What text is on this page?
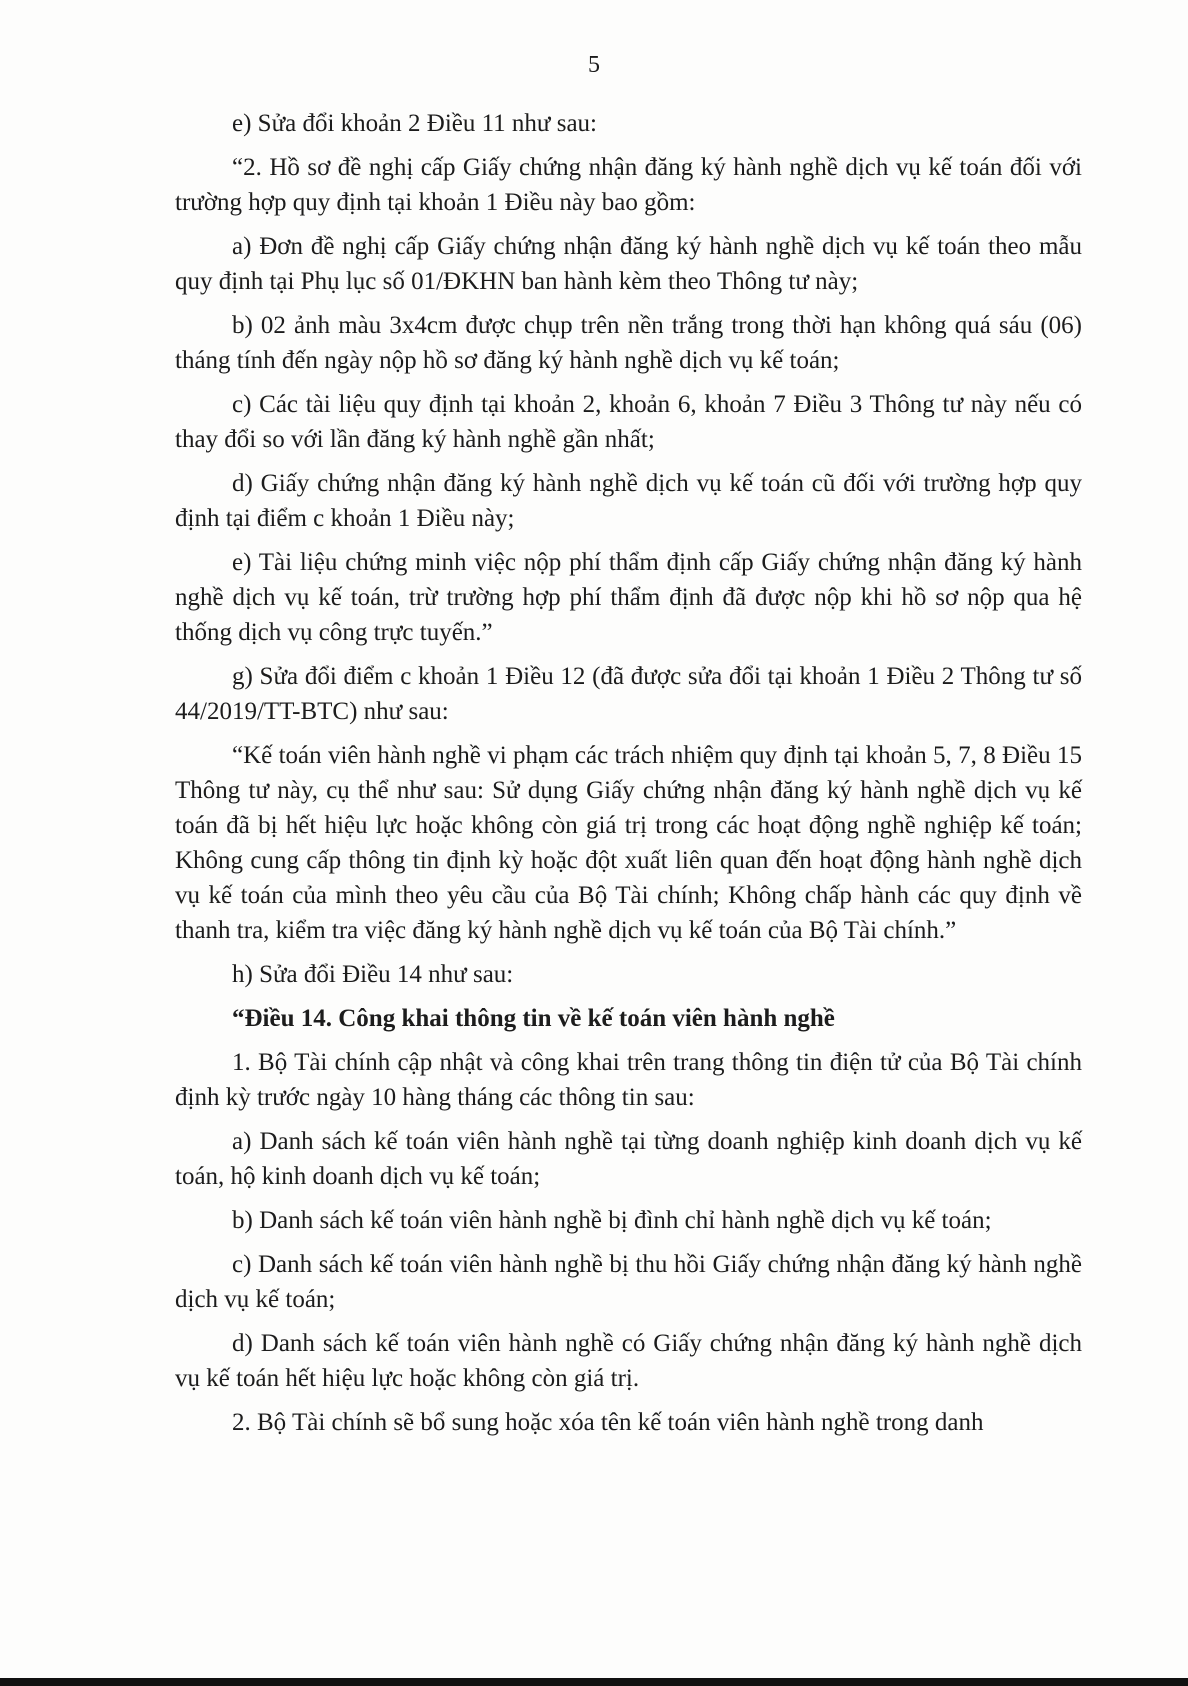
5

e) Sửa đổi khoản 2 Điều 11 như sau:

“2. Hồ sơ đề nghị cấp Giấy chứng nhận đăng ký hành nghề dịch vụ kế toán đối với trường hợp quy định tại khoản 1 Điều này bao gồm:

a) Đơn đề nghị cấp Giấy chứng nhận đăng ký hành nghề dịch vụ kế toán theo mẫu quy định tại Phụ lục số 01/ĐKHN ban hành kèm theo Thông tư này;

b) 02 ảnh màu 3x4cm được chụp trên nền trắng trong thời hạn không quá sáu (06) tháng tính đến ngày nộp hồ sơ đăng ký hành nghề dịch vụ kế toán;

c) Các tài liệu quy định tại khoản 2, khoản 6, khoản 7 Điều 3 Thông tư này nếu có thay đổi so với lần đăng ký hành nghề gần nhất;

d) Giấy chứng nhận đăng ký hành nghề dịch vụ kế toán cũ đối với trường hợp quy định tại điểm c khoản 1 Điều này;

e) Tài liệu chứng minh việc nộp phí thẩm định cấp Giấy chứng nhận đăng ký hành nghề dịch vụ kế toán, trừ trường hợp phí thẩm định đã được nộp khi hồ sơ nộp qua hệ thống dịch vụ công trực tuyến.”

g) Sửa đổi điểm c khoản 1 Điều 12 (đã được sửa đổi tại khoản 1 Điều 2 Thông tư số 44/2019/TT-BTC) như sau:

“Kế toán viên hành nghề vi phạm các trách nhiệm quy định tại khoản 5, 7, 8 Điều 15 Thông tư này, cụ thể như sau: Sử dụng Giấy chứng nhận đăng ký hành nghề dịch vụ kế toán đã bị hết hiệu lực hoặc không còn giá trị trong các hoạt động nghề nghiệp kế toán; Không cung cấp thông tin định kỳ hoặc đột xuất liên quan đến hoạt động hành nghề dịch vụ kế toán của mình theo yêu cầu của Bộ Tài chính; Không chấp hành các quy định về thanh tra, kiểm tra việc đăng ký hành nghề dịch vụ kế toán của Bộ Tài chính.”

h) Sửa đổi Điều 14 như sau:

“Điều 14. Công khai thông tin về kế toán viên hành nghề

1. Bộ Tài chính cập nhật và công khai trên trang thông tin điện tử của Bộ Tài chính định kỳ trước ngày 10 hàng tháng các thông tin sau:

a) Danh sách kế toán viên hành nghề tại từng doanh nghiệp kinh doanh dịch vụ kế toán, hộ kinh doanh dịch vụ kế toán;

b) Danh sách kế toán viên hành nghề bị đình chỉ hành nghề dịch vụ kế toán;

c) Danh sách kế toán viên hành nghề bị thu hồi Giấy chứng nhận đăng ký hành nghề dịch vụ kế toán;

d) Danh sách kế toán viên hành nghề có Giấy chứng nhận đăng ký hành nghề dịch vụ kế toán hết hiệu lực hoặc không còn giá trị.

2. Bộ Tài chính sẽ bổ sung hoặc xóa tên kế toán viên hành nghề trong danh
